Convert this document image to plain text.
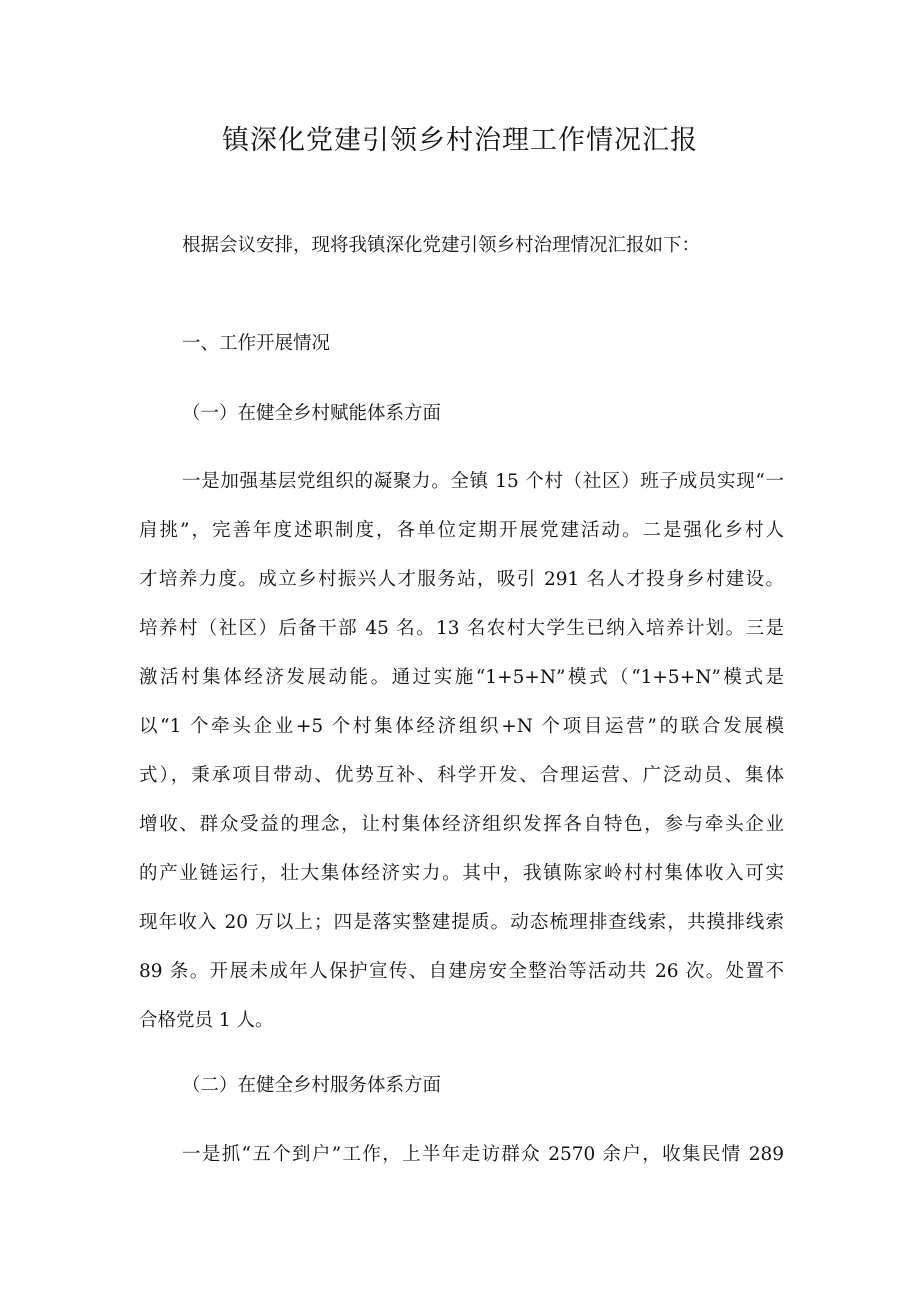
镇深化党建引领乡村治理工作情况汇报

根据会议安排，现将我镇深化党建引领乡村治理情况汇报如下：

一、工作开展情况

（一）在健全乡村赋能体系方面

一是加强基层党组织的凝聚力。全镇 15 个村（社区）班子成员实现“一
肩挑”，完善年度述职制度，各单位定期开展党建活动。二是强化乡村人
才培养力度。成立乡村振兴人才服务站，吸引 291 名人才投身乡村建设。
培养村（社区）后备干部 45 名。13 名农村大学生已纳入培养计划。三是
激活村集体经济发展动能。通过实施“1+5+N”模式（“1+5+N”模式是
以“1 个牵头企业+5 个村集体经济组织+N 个项目运营”的联合发展模
式），秉承项目带动、优势互补、科学开发、合理运营、广泛动员、集体
增收、群众受益的理念，让村集体经济组织发挥各自特色，参与牵头企业
的产业链运行，壮大集体经济实力。其中，我镇陈家岭村村集体收入可实
现年收入 20 万以上；四是落实整建提质。动态梳理排查线索，共摸排线索
89 条。开展未成年人保护宣传、自建房安全整治等活动共 26 次。处置不
合格党员 1 人。

（二）在健全乡村服务体系方面

一是抓“五个到户”工作，上半年走访群众 2570 余户，收集民情 289
